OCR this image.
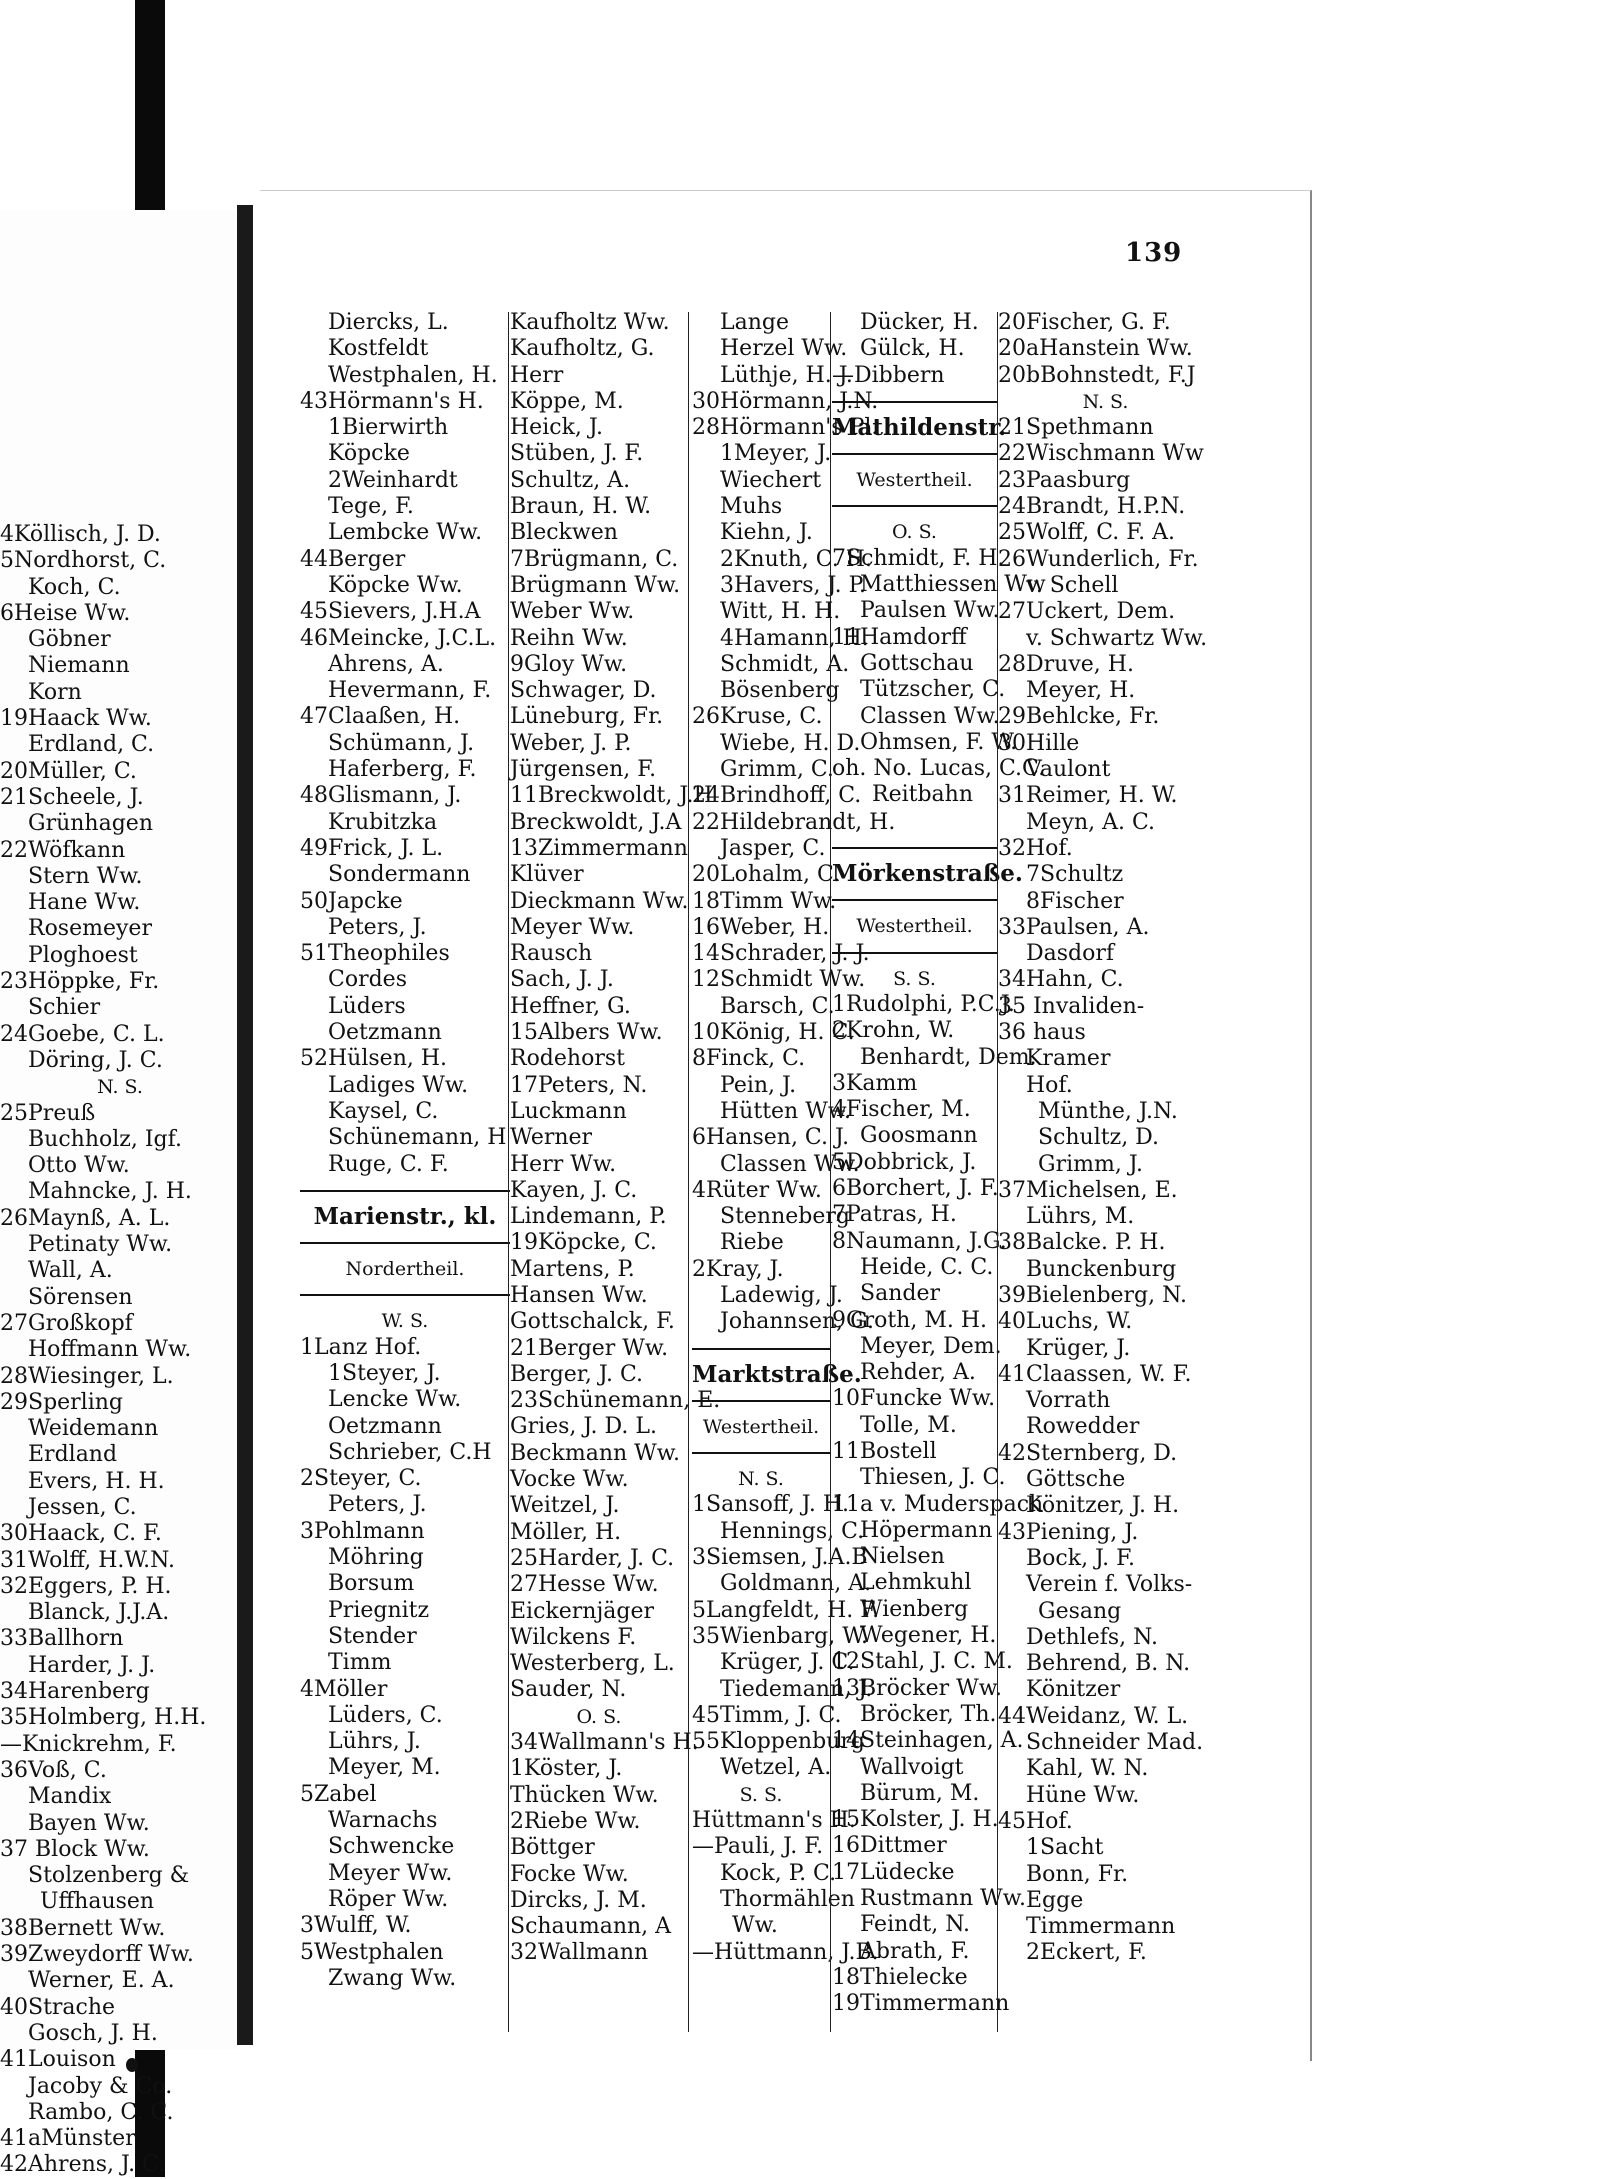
4Köllisch, J. D.
5Nordhorst, C.
Koch, C.
6Heise Ww.
Göbner
Niemann
Korn
19Haack Ww.
Erdland, C.
20Müller, C.
21Scheele, J.
Grünhagen
22Wöfkann
Stern Ww.
Hane Ww.
Rosemeyer
Ploghoest
23Höppke, Fr.
Schier
24Goebe, C. L.
Döring, J. C.
N. S.
25Preuß
Buchholz, Igf.
Otto Ww.
Mahncke, J. H.
26Maynß, A. L.
Petinaty Ww.
Wall, A.
Sörensen
27Großkopf
Hoffmann Ww.
28Wiesinger, L.
29Sperling
Weidemann
Erdland
Evers, H. H.
Jessen, C.
30Haack, C. F.
31Wolff, H.W.N.
32Eggers, P. H.
Blanck, J.J.A.
33Ballhorn
Harder, J. J.
34Harenberg
35Holmberg, H.H.
—Knickrehm, F.
36Voß, C.
Mandix
Bayen Ww.
37 Block Ww.
Stolzenberg &
Uffhausen
38Bernett Ww.
39Zweydorff Ww.
Werner, E. A.
40Strache
Gosch, J. H.
41Louison
Jacoby & Co.
Rambo, C. C.
41aMünster
42Ahrens, J. C.
139
Diercks, L.
Kostfeldt
Westphalen, H.
43Hörmann's H.
1Bierwirth
Köpcke
2Weinhardt
Tege, F.
Lembcke Ww.
44Berger
Köpcke Ww.
45Sievers, J.H.A
46Meincke, J.C.L.
Ahrens, A.
Hevermann, F.
47Claaßen, H.
Schümann, J.
Haferberg, F.
48Glismann, J.
Krubitzka
49Frick, J. L.
Sondermann
50Japcke
Peters, J.
51Theophiles
Cordes
Lüders
Oetzmann
52Hülsen, H.
Ladiges Ww.
Kaysel, C.
Schünemann, H
Ruge, C. F.
Marienstr., kl.
Nordertheil.
W. S.
1Lanz Hof.
1Steyer, J.
Lencke Ww.
Oetzmann
Schrieber, C.H
2Steyer, C.
Peters, J.
3Pohlmann
Möhring
Borsum
Priegnitz
Stender
Timm
4Möller
Lüders, C.
Lührs, J.
Meyer, M.
5Zabel
Warnachs
Schwencke
Meyer Ww.
Röper Ww.
3Wulff, W.
5Westphalen
Zwang Ww.
Kaufholtz Ww.
Kaufholtz, G.
Herr
Köppe, M.
Heick, J.
Stüben, J. F.
Schultz, A.
Braun, H. W.
Bleckwen
7Brügmann, C.
Brügmann Ww.
Weber Ww.
Reihn Ww.
9Gloy Ww.
Schwager, D.
Lüneburg, Fr.
Weber, J. P.
Jürgensen, F.
11Breckwoldt, J.H
Breckwoldt, J.A
13Zimmermann
Klüver
Dieckmann Ww.
Meyer Ww.
Rausch
Sach, J. J.
Heffner, G.
15Albers Ww.
Rodehorst
17Peters, N.
Luckmann
Werner
Herr Ww.
Kayen, J. C.
Lindemann, P.
19Köpcke, C.
Martens, P.
Hansen Ww.
Gottschalck, F.
21Berger Ww.
Berger, J. C.
23Schünemann, E.
Gries, J. D. L.
Beckmann Ww.
Vocke Ww.
Weitzel, J.
Möller, H.
25Harder, J. C.
27Hesse Ww.
Eickernjäger
Wilckens F.
Westerberg, L.
Sauder, N.
O. S.
34Wallmann's H.
1Köster, J.
Thücken Ww.
2Riebe Ww.
Böttger
Focke Ww.
Dircks, J. M.
Schaumann, A
32Wallmann
Lange
Herzel Ww.
Lüthje, H. J.
30Hörmann, J.N.
28Hörmann's Pl.
1Meyer, J.
Wiechert
Muhs
Kiehn, J.
2Knuth, C. H.
3Havers, J. P.
Witt, H. H.
4Hamann, H.
Schmidt, A.
Bösenberg
26Kruse, C.
Wiebe, H. D.
Grimm, C.
24Brindhoff, C.
22Hildebrandt, H.
Jasper, C.
20Lohalm, C.
18Timm Ww.
16Weber, H.
14Schrader, J. J.
12Schmidt Ww.
Barsch, C.
10König, H. C.
8Finck, C.
Pein, J.
Hütten Ww.
6Hansen, C. J.
Classen Ww.
4Rüter Ww.
Stenneberg
Riebe
2Kray, J.
Ladewig, J.
Johannsen, G.
Marktstraße.
Westertheil.
N. S.
1Sansoff, J. H.
Hennings, C.
3Siemsen, J.A.B
Goldmann, A.
5Langfeldt, H. F.
35Wienbarg, W.
Krüger, J. C.
Tiedemann, J.
45Timm, J. C.
55Kloppenburg
Wetzel, A.
S. S.
Hüttmann's H.
—Pauli, J. F.
Kock, P. C.
Thormählen
Ww.
—Hüttmann, J.B.
Dücker, H.
Gülck, H.
—Dibbern
Mathildenstr.
Westertheil.
O. S.
7Schmidt, F. H.
Matthiessen Ww
Paulsen Ww.
11Hamdorff
Gottschau
Tützscher, C.
Classen Ww.
Ohmsen, F. W.
oh. No. Lucas, C.C.
Reitbahn
Mörkenstraße.
Westertheil.
S. S.
1Rudolphi, P.C.J.
2Krohn, W.
Benhardt, Dem.
3Kamm
4Fischer, M.
Goosmann
5Dobbrick, J.
6Borchert, J. F.
7Patras, H.
8Naumann, J.G.
Heide, C. C.
Sander
9Groth, M. H.
Meyer, Dem.
Rehder, A.
10Funcke Ww.
Tolle, M.
11Bostell
Thiesen, J. C.
11a v. Muderspach
Höpermann
Nielsen
Lehmkuhl
Wienberg
Wegener, H.
12Stahl, J. C. M.
13Bröcker Ww.
Bröcker, Th.
14Steinhagen, A.
Wallvoigt
Bürum, M.
15Kolster, J. H.
16Dittmer
17Lüdecke
Rustmann Ww.
Feindt, N.
Abrath, F.
18Thielecke
19Timmermann
20Fischer, G. F.
20aHanstein Ww.
20bBohnstedt, F.J
N. S.
21Spethmann
22Wischmann Ww
23Paasburg
24Brandt, H.P.N.
25Wolff, C. F. A.
26Wunderlich, Fr.
v. Schell
27Uckert, Dem.
v. Schwartz Ww.
28Druve, H.
Meyer, H.
29Behlcke, Fr.
30Hille
Vaulont
31Reimer, H. W.
Meyn, A. C.
32Hof.
7Schultz
8Fischer
33Paulsen, A.
Dasdorf
34Hahn, C.
35 Invaliden-
36 haus
Kramer
Hof.
Münthe, J.N.
Schultz, D.
Grimm, J.
37Michelsen, E.
Lührs, M.
38Balcke. P. H.
Bunckenburg
39Bielenberg, N.
40Luchs, W.
Krüger, J.
41Claassen, W. F.
Vorrath
Rowedder
42Sternberg, D.
Göttsche
Könitzer, J. H.
43Piening, J.
Bock, J. F.
Verein f. Volks-
Gesang
Dethlefs, N.
Behrend, B. N.
Könitzer
44Weidanz, W. L.
Schneider Mad.
Kahl, W. N.
Hüne Ww.
45Hof.
1Sacht
Bonn, Fr.
Egge
Timmermann
2Eckert, F.
